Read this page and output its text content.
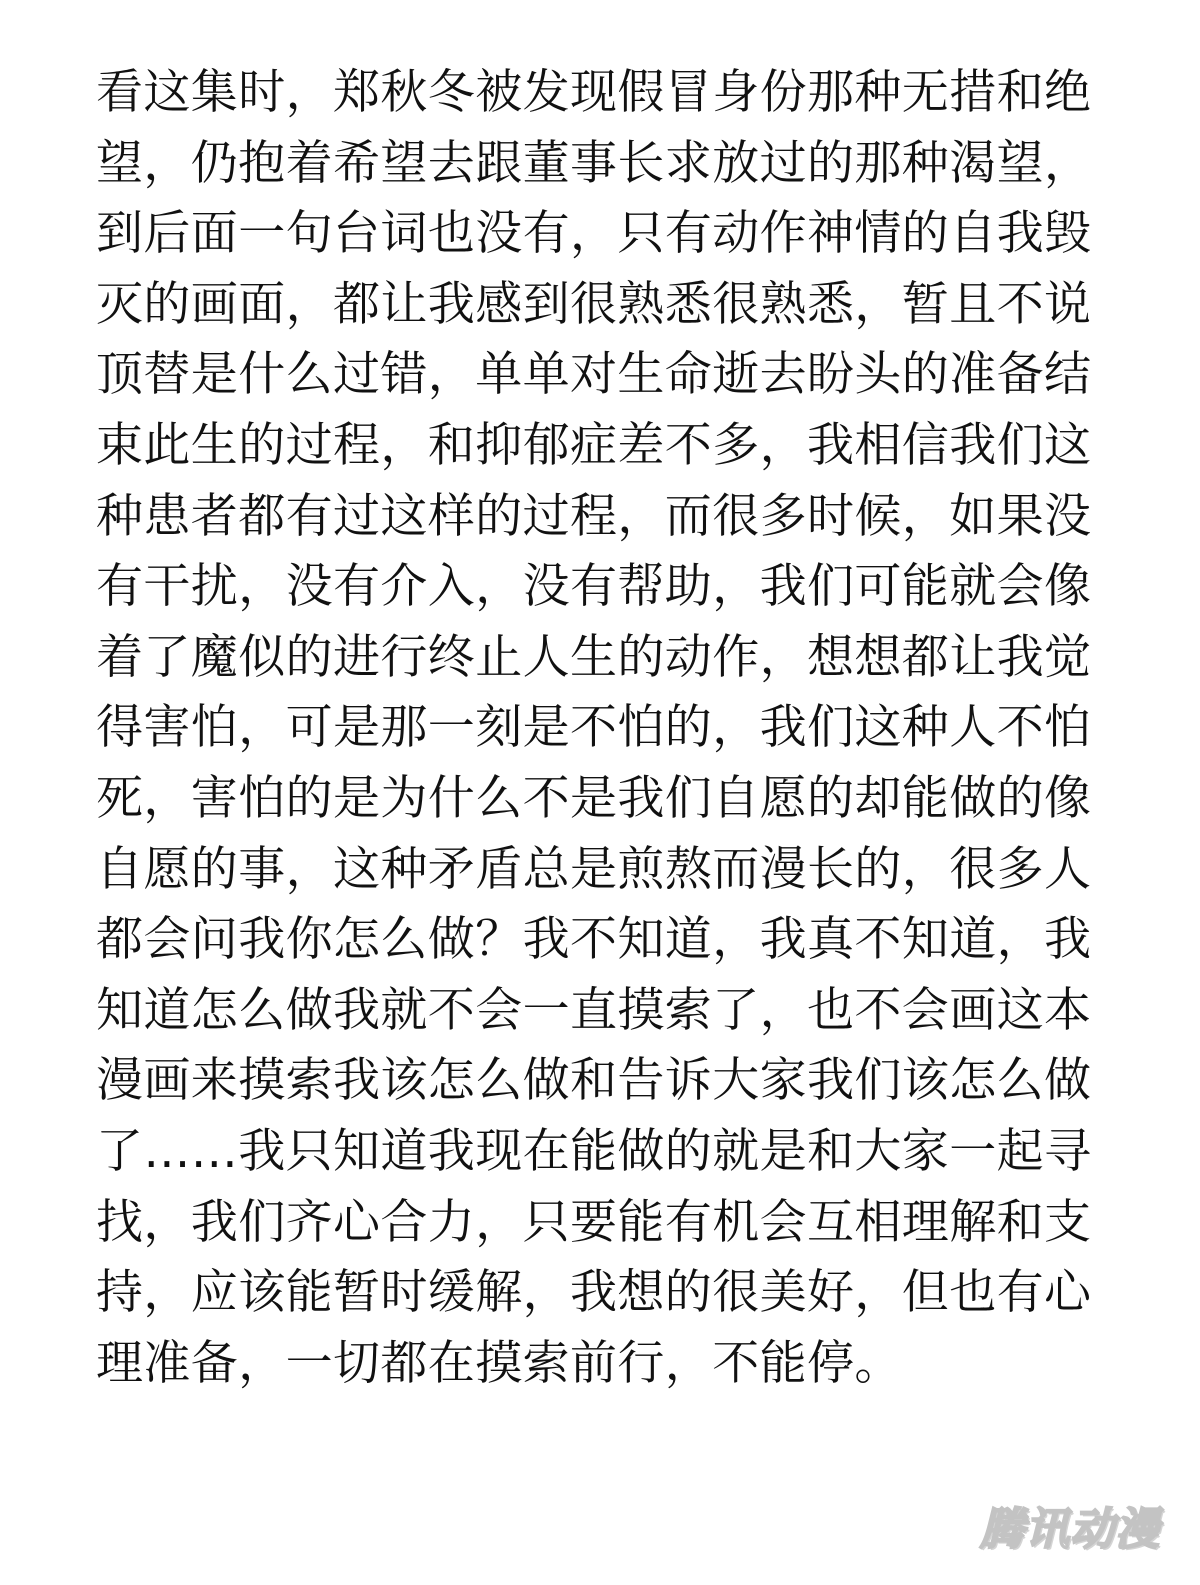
看这集时，郑秋冬被发现假冒身份那种无措和绝
望，仍抱着希望去跟董事长求放过的那种渴望，
到后面一句台词也没有，只有动作神情的自我毁
灭的画面，都让我感到很熟悉很熟悉，暂且不说
顶替是什么过错，单单对生命逝去盼头的准备结
束此生的过程，和抑郁症差不多，我相信我们这
种患者都有过这样的过程，而很多时候，如果没
有干扰，没有介入，没有帮助，我们可能就会像
着了魔似的进行终止人生的动作，想想都让我觉
得害怕，可是那一刻是不怕的，我们这种人不怕
死，害怕的是为什么不是我们自愿的却能做的像
自愿的事，这种矛盾总是煎熬而漫长的，很多人
都会问我你怎么做？我不知道，我真不知道，我
知道怎么做我就不会一直摸索了，也不会画这本
漫画来摸索我该怎么做和告诉大家我们该怎么做
了……我只知道我现在能做的就是和大家一起寻
找，我们齐心合力，只要能有机会互相理解和支
持，应该能暂时缓解，我想的很美好，但也有心
理准备，一切都在摸索前行，不能停。
腾讯动漫
